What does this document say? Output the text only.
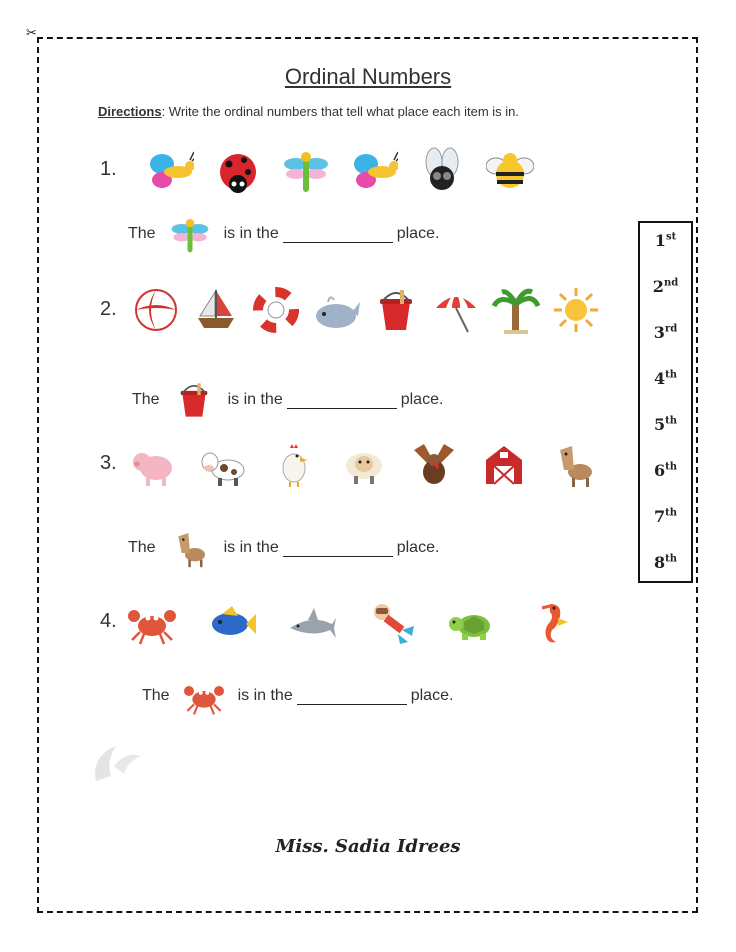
✂
Ordinal Numbers
Directions: Write the ordinal numbers that tell what place each item is in.
1.
The	is in the	place.
2.
The	is in the	place.
3.
The	is in the	place.
4.
The	is in the	place.
1st
2nd
3rd
4th
5th
6th
7th
8th
Miss. Sadia Idrees
